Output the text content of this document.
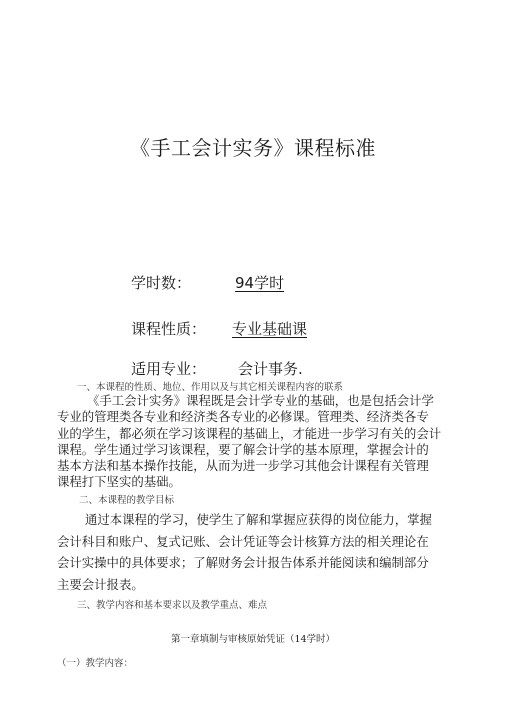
《手工会计实务》课程标准
学时数：	94学时
课程性质： 专业基础课
适用专业： 会计事务.
一、本课程的性质、地位、作用以及与其它相关课程内容的联系
《手工会计实务》课程既是会计学专业的基础，也是包括会计学
专业的管理类各专业和经济类各专业的必修课。管理类、经济类各专
业的学生，都必须在学习该课程的基础上，才能进一步学习有关的会计
课程。学生通过学习该课程，要了解会计学的基本原理，掌握会计的
基本方法和基本操作技能，从而为进一步学习其他会计课程有关管理
课程打下坚实的基础。
二、本课程的教学目标
通过本课程的学习，使学生了解和掌握应获得的岗位能力，掌握
会计科目和账户、复式记账、会计凭证等会计核算方法的相关理论在
会计实操中的具体要求；了解财务会计报告体系并能阅读和编制部分
主要会计报表。
三、教学内容和基本要求以及教学重点、难点
第一章填制与审核原始凭证（14学时）
（一）教学内容：
